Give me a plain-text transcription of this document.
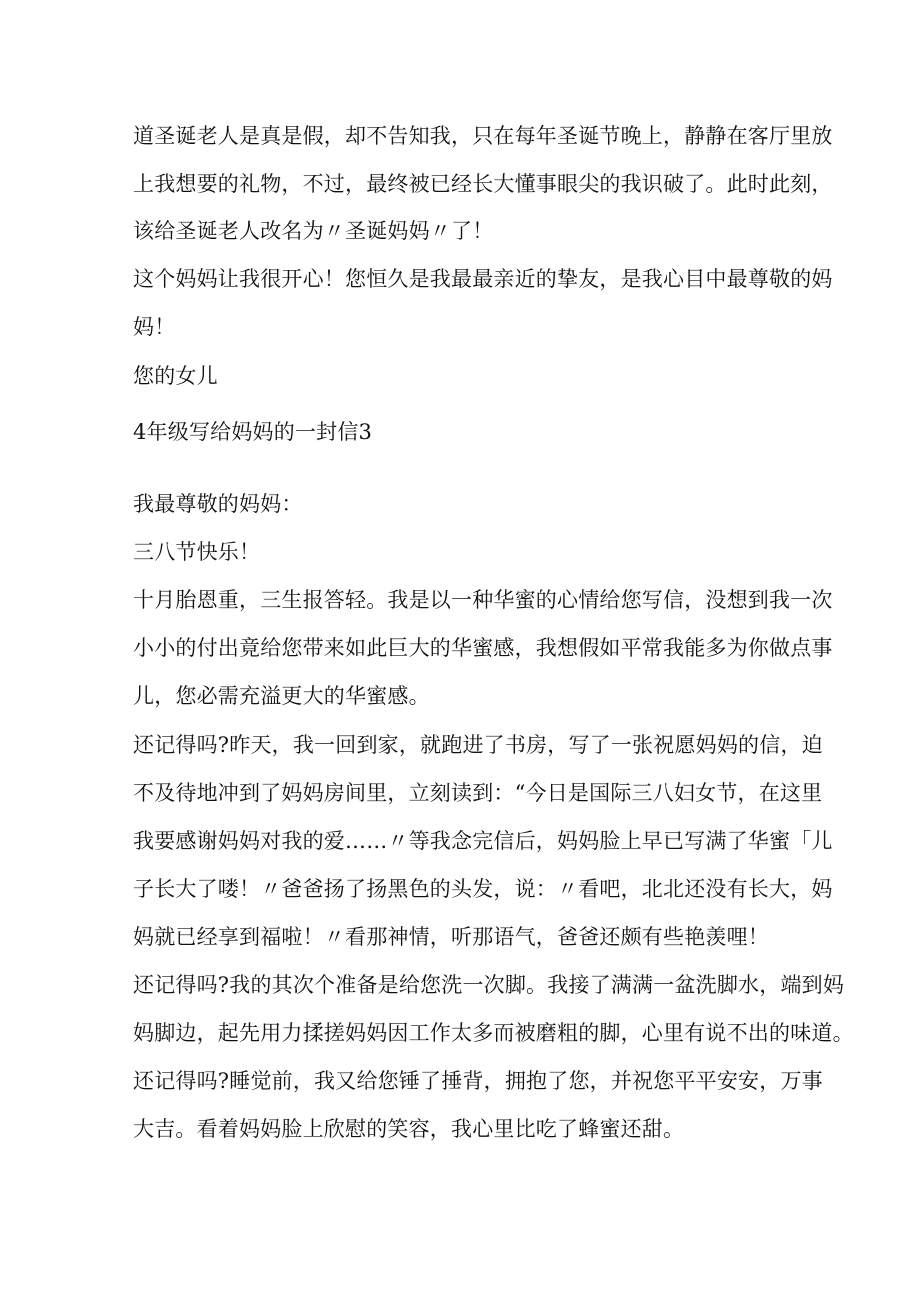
道圣诞老人是真是假，却不告知我，只在每年圣诞节晚上，静静在客厅里放
上我想要的礼物，不过，最终被已经长大懂事眼尖的我识破了。此时此刻，
该给圣诞老人改名为〃圣诞妈妈〃了！
这个妈妈让我很开心！您恒久是我最最亲近的挚友，是我心目中最尊敬的妈
妈！
您的女儿
4年级写给妈妈的一封信3
我最尊敬的妈妈：
三八节快乐！
十月胎恩重，三生报答轻。我是以一种华蜜的心情给您写信，没想到我一次
小小的付出竟给您带来如此巨大的华蜜感，我想假如平常我能多为你做点事
儿，您必需充溢更大的华蜜感。
还记得吗?昨天，我一回到家，就跑进了书房，写了一张祝愿妈妈的信，迫
不及待地冲到了妈妈房间里，立刻读到：“今日是国际三八妇女节，在这里
我要感谢妈妈对我的爱……〃等我念完信后，妈妈脸上早已写满了华蜜「儿
子长大了喽！〃爸爸扬了扬黑色的头发，说：〃看吧，北北还没有长大，妈
妈就已经享到福啦！〃看那神情，听那语气，爸爸还颇有些艳羡哩！
还记得吗?我的其次个准备是给您洗一次脚。我接了满满一盆洗脚水，端到妈
妈脚边，起先用力揉搓妈妈因工作太多而被磨粗的脚，心里有说不出的味道。
还记得吗?睡觉前，我又给您锤了捶背，拥抱了您，并祝您平平安安，万事
大吉。看着妈妈脸上欣慰的笑容，我心里比吃了蜂蜜还甜。
